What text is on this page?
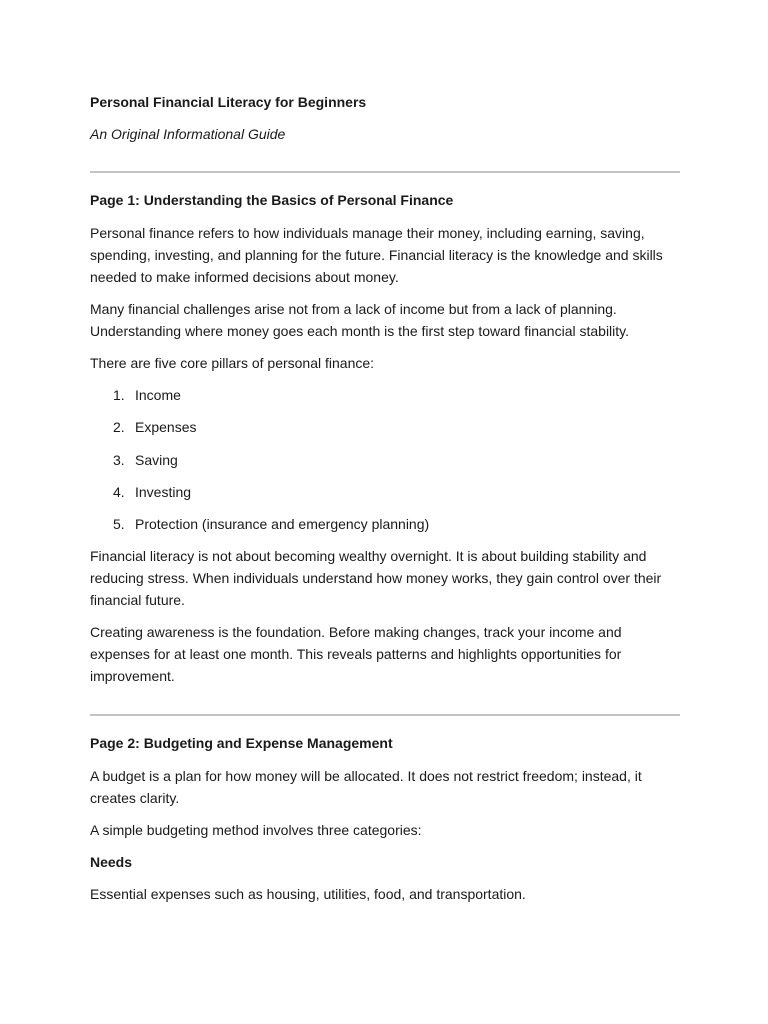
Personal Financial Literacy for Beginners
An Original Informational Guide
Page 1: Understanding the Basics of Personal Finance

Personal finance refers to how individuals manage their money, including earning, saving, spending, investing, and planning for the future. Financial literacy is the knowledge and skills needed to make informed decisions about money.

Many financial challenges arise not from a lack of income but from a lack of planning. Understanding where money goes each month is the first step toward financial stability.

There are five core pillars of personal finance:

1. Income
2. Expenses
3. Saving
4. Investing
5. Protection (insurance and emergency planning)

Financial literacy is not about becoming wealthy overnight. It is about building stability and reducing stress. When individuals understand how money works, they gain control over their financial future.

Creating awareness is the foundation. Before making changes, track your income and expenses for at least one month. This reveals patterns and highlights opportunities for improvement.

Page 2: Budgeting and Expense Management

A budget is a plan for how money will be allocated. It does not restrict freedom; instead, it creates clarity.

A simple budgeting method involves three categories:

Needs

Essential expenses such as housing, utilities, food, and transportation.
